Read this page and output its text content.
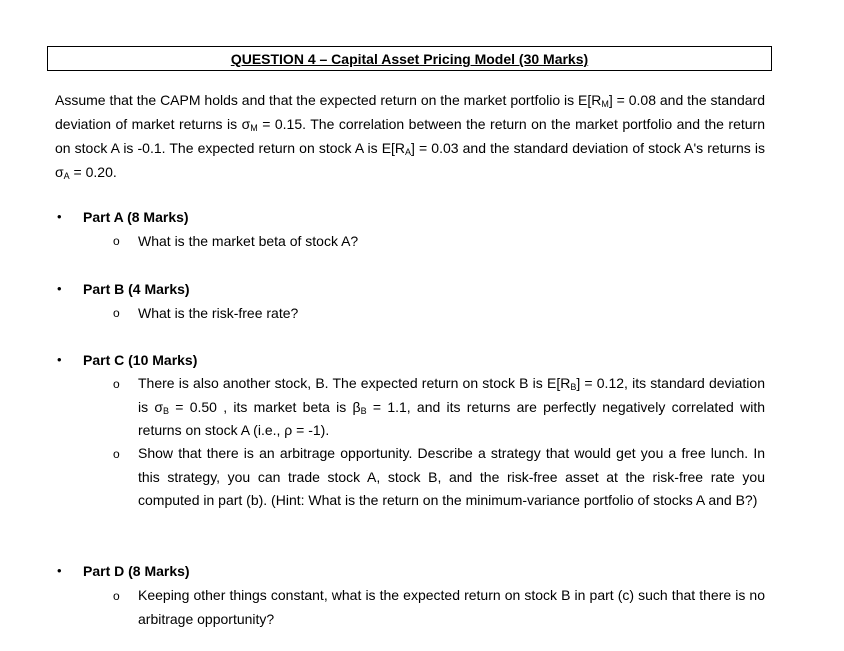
QUESTION 4 – Capital Asset Pricing Model (30 Marks)
Assume that the CAPM holds and that the expected return on the market portfolio is $E[R_M] = 0.08$ and the standard deviation of market returns is $\sigma_M = 0.15$. The correlation between the return on the market portfolio and the return on stock A is -0.1. The expected return on stock A is $E[R_A] = 0.03$ and the standard deviation of stock A's returns is $\sigma_A = 0.20$.
• Part A (8 Marks)
o What is the market beta of stock A?
• Part B (4 Marks)
o What is the risk-free rate?
• Part C (10 Marks)
o There is also another stock, B. The expected return on stock B is $E[R_B] = 0.12$, its standard deviation is $\sigma_B = 0.50$ , its market beta is $\beta_B = 1.1$, and its returns are perfectly negatively correlated with returns on stock A (i.e., ρ = -1).
o Show that there is an arbitrage opportunity. Describe a strategy that would get you a free lunch. In this strategy, you can trade stock A, stock B, and the risk-free asset at the risk-free rate you computed in part (b). (Hint: What is the return on the minimum-variance portfolio of stocks A and B?)
• Part D (8 Marks)
o Keeping other things constant, what is the expected return on stock B in part (c) such that there is no arbitrage opportunity?
